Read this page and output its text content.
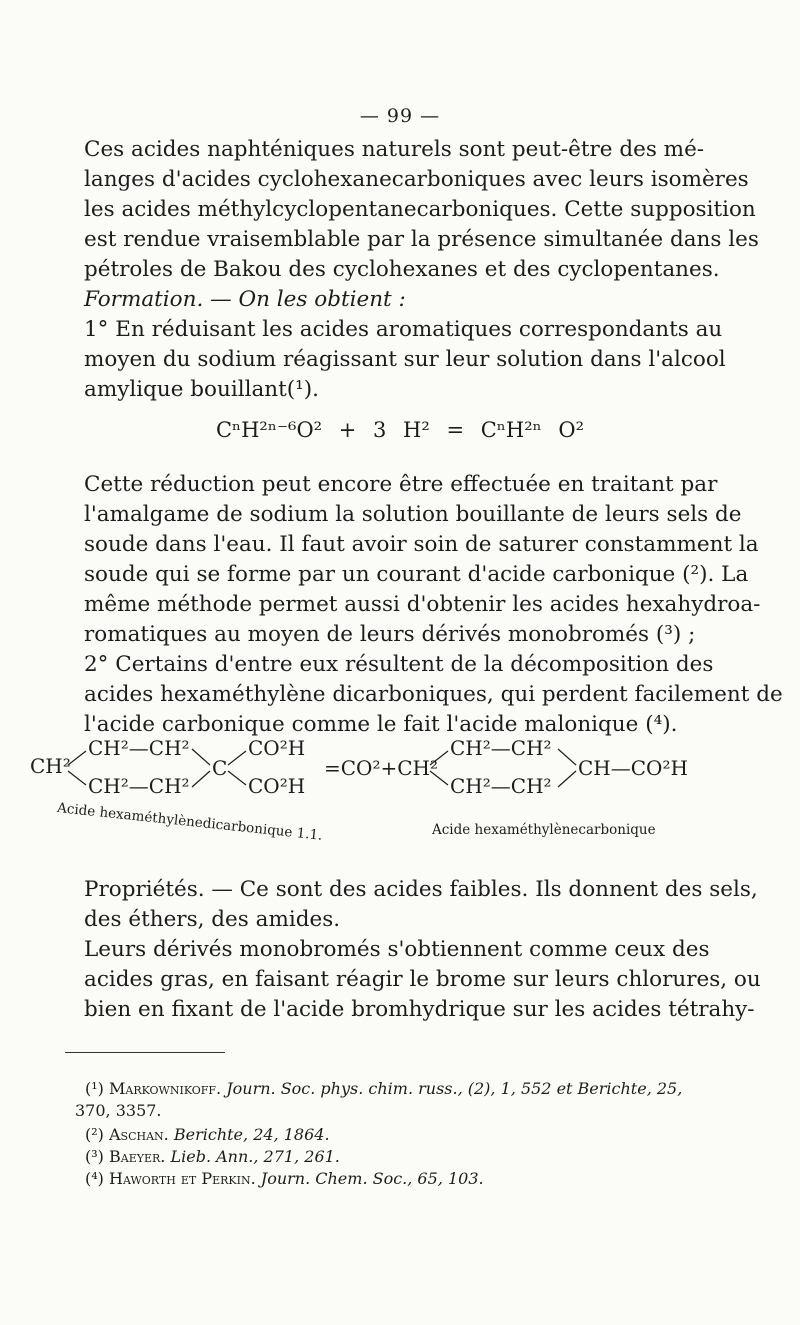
— 99 —
Ces acides naphténiques naturels sont peut-être des mé-
langes d'acides cyclohexanecarboniques avec leurs isomères
les acides méthylcyclopentanecarboniques. Cette supposition
est rendue vraisemblable par la présence simultanée dans les
pétroles de Bakou des cyclohexanes et des cyclopentanes.
Formation. — On les obtient :
1° En réduisant les acides aromatiques correspondants au
moyen du sodium réagissant sur leur solution dans l'alcool
amylique bouillant(¹).
CⁿH²ⁿ⁻⁶O² + 3 H² = CⁿH²ⁿ O²
Cette réduction peut encore être effectuée en traitant par
l'amalgame de sodium la solution bouillante de leurs sels de
soude dans l'eau. Il faut avoir soin de saturer constamment la
soude qui se forme par un courant d'acide carbonique (²). La
même méthode permet aussi d'obtenir les acides hexahydroa-
romatiques au moyen de leurs dérivés monobromés (³) ;
2° Certains d'entre eux résultent de la décomposition des
acides hexaméthylène dicarboniques, qui perdent facilement de
l'acide carbonique comme le fait l'acide malonique (⁴).
CH²
CH²—CH²
CH²—CH²
C
CO²H
CO²H
=CO²+CH²
CH²—CH²
CH²—CH²
CH—CO²H
Acide hexaméthylènedicarbonique 1.1.	Acide hexaméthylènecarbonique
Propriétés. — Ce sont des acides faibles. Ils donnent des sels,
des éthers, des amides.
Leurs dérivés monobromés s'obtiennent comme ceux des
acides gras, en faisant réagir le brome sur leurs chlorures, ou
bien en fixant de l'acide bromhydrique sur les acides tétrahy-
(¹) Markownikoff. Journ. Soc. phys. chim. russ., (2), 1, 552 et Berichte, 25,
370, 3357.
(²) Aschan. Berichte, 24, 1864.
(³) Baeyer. Lieb. Ann., 271, 261.
(⁴) Haworth et Perkin. Journ. Chem. Soc., 65, 103.
